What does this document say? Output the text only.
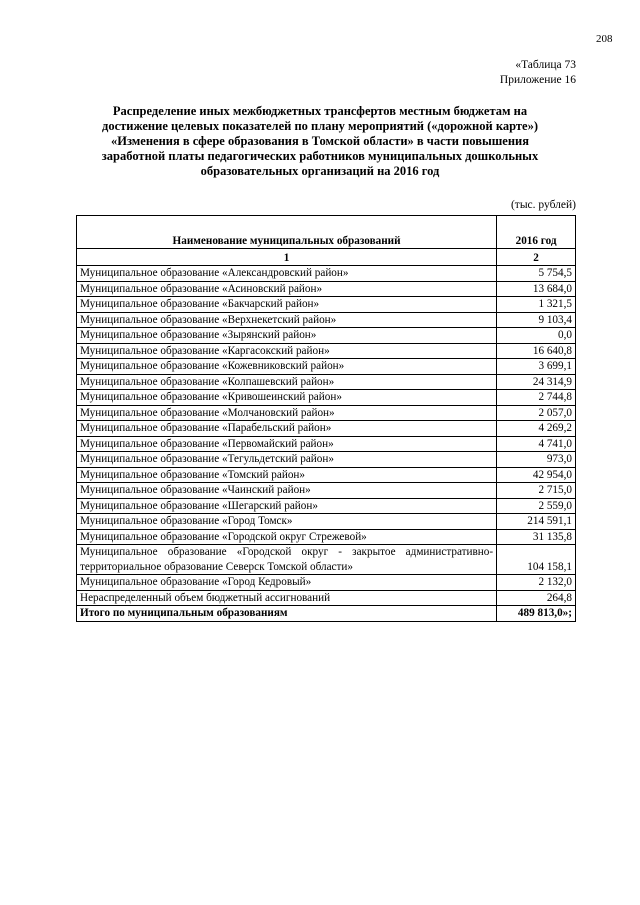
208
«Таблица 73
Приложение 16
Распределение иных межбюджетных трансфертов местным бюджетам на
достижение целевых показателей по плану мероприятий («дорожной карте»)
«Изменения в сфере образования в Томской области» в части повышения
заработной платы педагогических работников муниципальных дошкольных
образовательных организаций на 2016 год
(тыс. рублей)
Наименование муниципальных образований	2016 год
1	2
Муниципальное образование «Александровский район»	5 754,5
Муниципальное образование «Асиновский район»	13 684,0
Муниципальное образование «Бакчарский район»	1 321,5
Муниципальное образование «Верхнекетский район»	9 103,4
Муниципальное образование «Зырянский район»	0,0
Муниципальное образование «Каргасокский район»	16 640,8
Муниципальное образование «Кожевниковский район»	3 699,1
Муниципальное образование «Колпашевский район»	24 314,9
Муниципальное образование «Кривошеинский район»	2 744,8
Муниципальное образование «Молчановский район»	2 057,0
Муниципальное образование «Парабельский район»	4 269,2
Муниципальное образование «Первомайский район»	4 741,0
Муниципальное образование «Тегульдетский район»	973,0
Муниципальное образование «Томский район»	42 954,0
Муниципальное образование «Чаинский район»	2 715,0
Муниципальное образование «Шегарский район»	2 559,0
Муниципальное образование «Город Томск»	214 591,1
Муниципальное образование «Городской округ Стрежевой»	31 135,8
Муниципальное образование «Городской округ - закрытое административно-территориальное образование Северск Томской области»	104 158,1
Муниципальное образование «Город Кедровый»	2 132,0
Нераспределенный объем бюджетный ассигнований	264,8
Итого по муниципальным образованиям	489 813,0»;
